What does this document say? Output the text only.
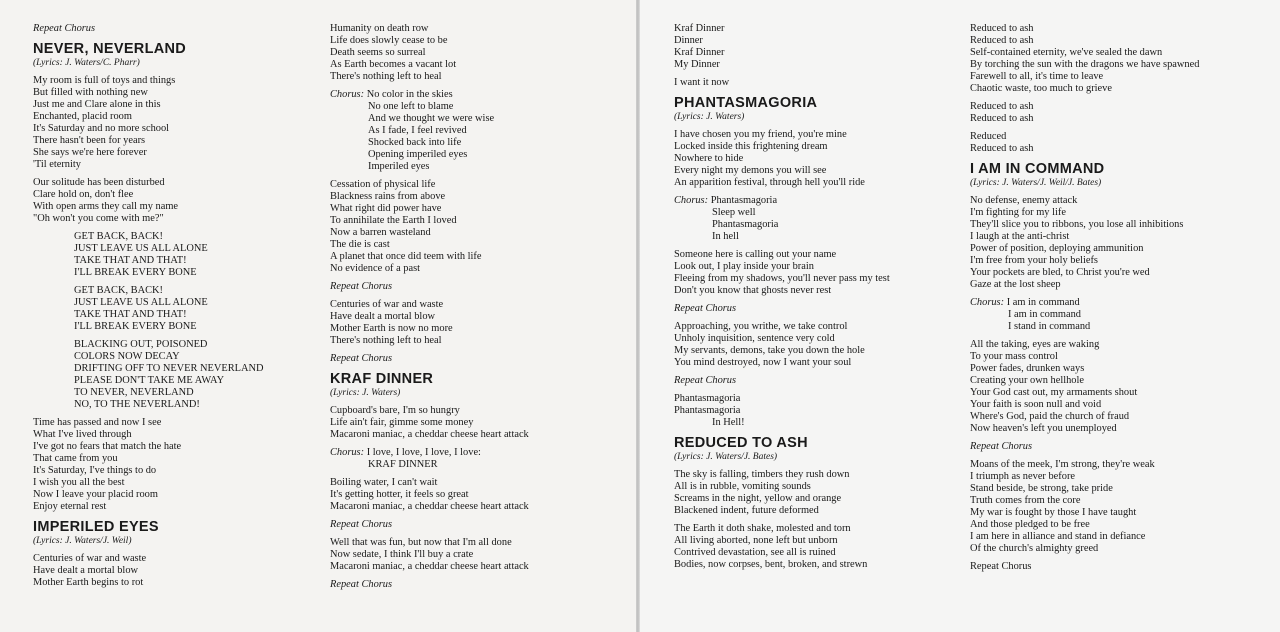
Repeat Chorus
NEVER, NEVERLAND
(Lyrics: J. Waters/C. Pharr)
My room is full of toys and things
But filled with nothing new
Just me and Clare alone in this
Enchanted, placid room
It's Saturday and no more school
There hasn't been for years
She says we're here forever
'Til eternity
Our solitude has been disturbed
Clare hold on, don't flee
With open arms they call my name
"Oh won't you come with me?"
GET BACK, BACK!
JUST LEAVE US ALL ALONE
TAKE THAT AND THAT!
I'LL BREAK EVERY BONE
GET BACK, BACK!
JUST LEAVE US ALL ALONE
TAKE THAT AND THAT!
I'LL BREAK EVERY BONE
BLACKING OUT, POISONED
COLORS NOW DECAY
DRIFTING OFF TO NEVER NEVERLAND
PLEASE DON'T TAKE ME AWAY
TO NEVER, NEVERLAND
NO, TO THE NEVERLAND!
Time has passed and now I see
What I've lived through
I've got no fears that match the hate
That came from you
It's Saturday, I've things to do
I wish you all the best
Now I leave your placid room
Enjoy eternal rest
IMPERILED EYES
(Lyrics: J. Waters/J. Weil)
Centuries of war and waste
Have dealt a mortal blow
Mother Earth begins to rot
Humanity on death row
Life does slowly cease to be
Death seems so surreal
As Earth becomes a vacant lot
There's nothing left to heal
Chorus: No color in the skies
No one left to blame
And we thought we were wise
As I fade, I feel revived
Shocked back into life
Opening imperiled eyes
Imperiled eyes
Cessation of physical life
Blackness rains from above
What right did power have
To annihilate the Earth I loved
Now a barren wasteland
The die is cast
A planet that once did teem with life
No evidence of a past
Repeat Chorus
Centuries of war and waste
Have dealt a mortal blow
Mother Earth is now no more
There's nothing left to heal
Repeat Chorus
KRAF DINNER
(Lyrics: J. Waters)
Cupboard's bare, I'm so hungry
Life ain't fair, gimme some money
Macaroni maniac, a cheddar cheese heart attack
Chorus: I love, I love, I love, I love:
KRAF DINNER
Boiling water, I can't wait
It's getting hotter, it feels so great
Macaroni maniac, a cheddar cheese heart attack
Repeat Chorus
Well that was fun, but now that I'm all done
Now sedate, I think I'll buy a crate
Macaroni maniac, a cheddar cheese heart attack
Repeat Chorus
Kraf Dinner
Dinner
Kraf Dinner
My Dinner
I want it now
PHANTASMAGORIA
(Lyrics: J. Waters)
I have chosen you my friend, you're mine
Locked inside this frightening dream
Nowhere to hide
Every night my demons you will see
An apparition festival, through hell you'll ride
Chorus: Phantasmagoria
Sleep well
Phantasmagoria
In hell
Someone here is calling out your name
Look out, I play inside your brain
Fleeing from my shadows, you'll never pass my test
Don't you know that ghosts never rest
Repeat Chorus
Approaching, you writhe, we take control
Unholy inquisition, sentence very cold
My servants, demons, take you down the hole
You mind destroyed, now I want your soul
Repeat Chorus
Phantasmagoria
Phantasmagoria
In Hell!
REDUCED TO ASH
(Lyrics: J. Waters/J. Bates)
The sky is falling, timbers they rush down
All is in rubble, vomiting sounds
Screams in the night, yellow and orange
Blackened indent, future deformed
The Earth it doth shake, molested and torn
All living aborted, none left but unborn
Contrived devastation, see all is ruined
Bodies, now corpses, bent, broken, and strewn
Reduced to ash
Reduced to ash
Self-contained eternity, we've sealed the dawn
By torching the sun with the dragons we have spawned
Farewell to all, it's time to leave
Chaotic waste, too much to grieve
Reduced to ash
Reduced to ash
Reduced
Reduced to ash
I AM IN COMMAND
(Lyrics: J. Waters/J. Weil/J. Bates)
No defense, enemy attack
I'm fighting for my life
They'll slice you to ribbons, you lose all inhibitions
I laugh at the anti-christ
Power of position, deploying ammunition
I'm free from your holy beliefs
Your pockets are bled, to Christ you're wed
Gaze at the lost sheep
Chorus: I am in command
I am in command
I stand in command
All the taking, eyes are waking
To your mass control
Power fades, drunken ways
Creating your own hellhole
Your God cast out, my armaments shout
Your faith is soon null and void
Where's God, paid the church of fraud
Now heaven's left you unemployed
Repeat Chorus
Moans of the meek, I'm strong, they're weak
I triumph as never before
Stand beside, be strong, take pride
Truth comes from the core
My war is fought by those I have taught
And those pledged to be free
I am here in alliance and stand in defiance
Of the church's almighty greed
Repeat Chorus
